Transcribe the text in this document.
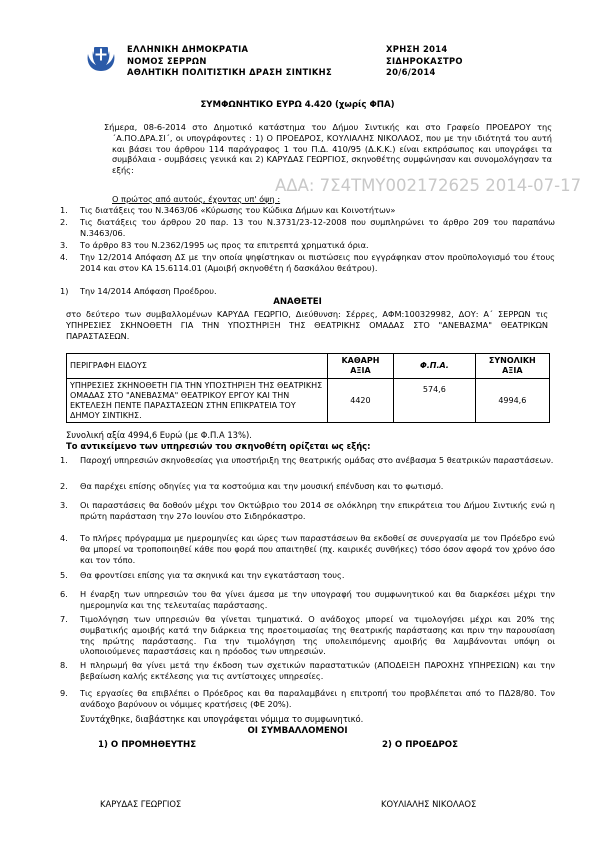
ΕΛΛΗΝΙΚΗ ΔΗΜΟΚΡΑΤΙΑ
ΝΟΜΟΣ ΣΕΡΡΩΝ
ΑΘΛΗΤΙΚΗ ΠΟΛΙΤΙΣΤΙΚΗ ΔΡΑΣΗ ΣΙΝΤΙΚΗΣ
ΧΡΗΣΗ 2014
ΣΙΔΗΡΟΚΑΣΤΡΟ
20/6/2014
ΣΥΜΦΩΝΗΤΙΚΟ ΕΥΡΩ 4.420 (χωρίς ΦΠΑ)
Σήμερα, 08-6-2014 στο Δημοτικό κατάστημα του Δήμου Σιντικής και στο Γραφείο ΠΡΟΕΔΡΟΥ της ΄Α.ΠΟ.ΔΡΑ.ΣΙ΄, οι υπογράφοντες : 1) Ο ΠΡΟΕΔΡΟΣ, ΚΟΥΛΙΑΛΗΣ ΝΙΚΟΛΑΟΣ, που με την ιδιότητά του αυτή και βάσει του άρθρου 114 παράγραφος 1 του Π.Δ. 410/95 (Δ.Κ.Κ.) είναι εκπρόσωπος και υπογράφει τα συμβόλαια - συμβάσεις γενικά και 2) ΚΑΡΥΔΑΣ ΓΕΩΡΓΙΟΣ, σκηνοθέτης συμφώνησαν και συνομολόγησαν τα εξής:
Ο πρώτος από αυτούς, έχοντας υπ' όψη :
ΑΔΑ: 7Σ4ΤΜΥ002172625 2014-07-17
1. Τις διατάξεις του Ν.3463/06 «Κύρωσης του Κώδικα Δήμων και Κοινοτήτων»
2. Τις διατάξεις του άρθρου 20 παρ. 13 του Ν.3731/23-12-2008 που συμπληρώνει το άρθρο 209 του παραπάνω Ν.3463/06.
3. Το άρθρο 83 του Ν.2362/1995 ως προς τα επιτρεπτά χρηματικά όρια.
4. Την 12/2014 Απόφαση ΔΣ με την οποία ψηφίστηκαν οι πιστώσεις που εγγράφηκαν στον προϋπολογισμό του έτους 2014 και στον ΚΑ 15.6114.01 (Αμοιβή σκηνοθέτη ή δασκάλου θεάτρου).
1) Την 14/2014 Απόφαση Προέδρου.
ΑΝΑΘΕΤΕΙ
στο δεύτερο των συμβαλλομένων ΚΑΡΥΔΑ ΓΕΩΡΓΙΟ, Διεύθυνση: Σέρρες, ΑΦΜ:100329982, ΔΟΥ: Α΄ ΣΕΡΡΩΝ τις ΥΠΗΡΕΣΙΕΣ ΣΚΗΝΟΘΕΤΗ ΓΙΑ ΤΗΝ ΥΠΟΣΤΗΡΙΞΗ ΤΗΣ ΘΕΑΤΡΙΚΗΣ ΟΜΑΔΑΣ ΣΤΟ "ΑΝΕΒΑΣΜΑ" ΘΕΑΤΡΙΚΩΝ ΠΑΡΑΣΤΑΣΕΩΝ.
ΠΕΡΙΓΡΑΦΗ ΕΙΔΟΥΣ	ΚΑΘΑΡΗ ΑΞΙΑ	Φ.Π.Α.	ΣΥΝΟΛΙΚΗ ΑΞΙΑ
ΥΠΗΡΕΣΙΕΣ ΣΚΗΝΟΘΕΤΗ ΓΙΑ ΤΗΝ ΥΠΟΣΤΗΡΙΞΗ ΤΗΣ ΘΕΑΤΡΙΚΗΣ ΟΜΑΔΑΣ ΣΤΟ "ΑΝΕΒΑΣΜΑ" ΘΕΑΤΡΙΚΟΥ ΕΡΓΟΥ ΚΑΙ ΤΗΝ ΕΚΤΕΛΕΣΗ ΠΕΝΤΕ ΠΑΡΑΣΤΑΣΕΩΝ ΣΤΗΝ ΕΠΙΚΡΑΤΕΙΑ ΤΟΥ ΔΗΜΟΥ ΣΙΝΤΙΚΗΣ.	4420	574,6	4994,6
Συνολική αξία 4994,6 Ευρώ (με Φ.Π.Α 13%).
Το αντικείμενο των υπηρεσιών του σκηνοθέτη ορίζεται ως εξής:
1. Παροχή υπηρεσιών σκηνοθεσίας για υποστήριξη της θεατρικής ομάδας στο ανέβασμα 5 θεατρικών παραστάσεων.
2. Θα παρέχει επίσης οδηγίες για τα κοστούμια και την μουσική επένδυση και το φωτισμό.
3. Οι παραστάσεις θα δοθούν μέχρι τον Οκτώβριο του 2014 σε ολόκληρη την επικράτεια του Δήμου Σιντικής ενώ η πρώτη παράσταση την 27ο Ιουνίου στο Σιδηρόκαστρο.
4. Το πλήρες πρόγραμμα με ημερομηνίες και ώρες των παραστάσεων θα εκδοθεί σε συνεργασία με τον Πρόεδρο ενώ θα μπορεί να τροποποιηθεί κάθε που φορά που απαιτηθεί (πχ. καιρικές συνθήκες) τόσο όσον αφορά τον χρόνο όσο και τον τόπο.
5. Θα φροντίσει επίσης για τα σκηνικά και την εγκατάσταση τους.
6. Η έναρξη των υπηρεσιών του θα γίνει άμεσα με την υπογραφή του συμφωνητικού και θα διαρκέσει μέχρι την ημερομηνία και της τελευταίας παράστασης.
7. Τιμολόγηση των υπηρεσιών θα γίνεται τμηματικά. Ο ανάδοχος μπορεί να τιμολογήσει μέχρι και 20% της συμβατικής αμοιβής κατά την διάρκεια της προετοιμασίας της θεατρικής παράστασης και πριν την παρουσίαση της πρώτης παράστασης. Για την τιμολόγηση της υπολειπόμενης αμοιβής θα λαμβάνονται υπόψη οι υλοποιούμενες παραστάσεις και η πρόοδος των υπηρεσιών.
8. Η πληρωμή θα γίνει μετά την έκδοση των σχετικών παραστατικών (ΑΠΟΔΕΙΞΗ ΠΑΡΟΧΗΣ ΥΠΗΡΕΣΙΩΝ) και την βεβαίωση καλής εκτέλεσης για τις αντίστοιχες υπηρεσίες.
9. Τις εργασίες θα επιβλέπει ο Πρόεδρος και θα παραλαμβάνει η επιτροπή του προβλέπεται από το ΠΔ28/80. Τον ανάδοχο βαρύνουν οι νόμιμες κρατήσεις (ΦΕ 20%).
Συντάχθηκε, διαβάστηκε και υπογράφεται νόμιμα το συμφωνητικό.
ΟΙ ΣΥΜΒΑΛΛΟΜΕΝΟΙ
1) Ο ΠΡΟΜΗΘΕΥΤΗΣ	2) Ο ΠΡΟΕΔΡΟΣ
ΚΑΡΥΔΑΣ ΓΕΩΡΓΙΟΣ	ΚΟΥΛΙΑΛΗΣ ΝΙΚΟΛΑΟΣ
